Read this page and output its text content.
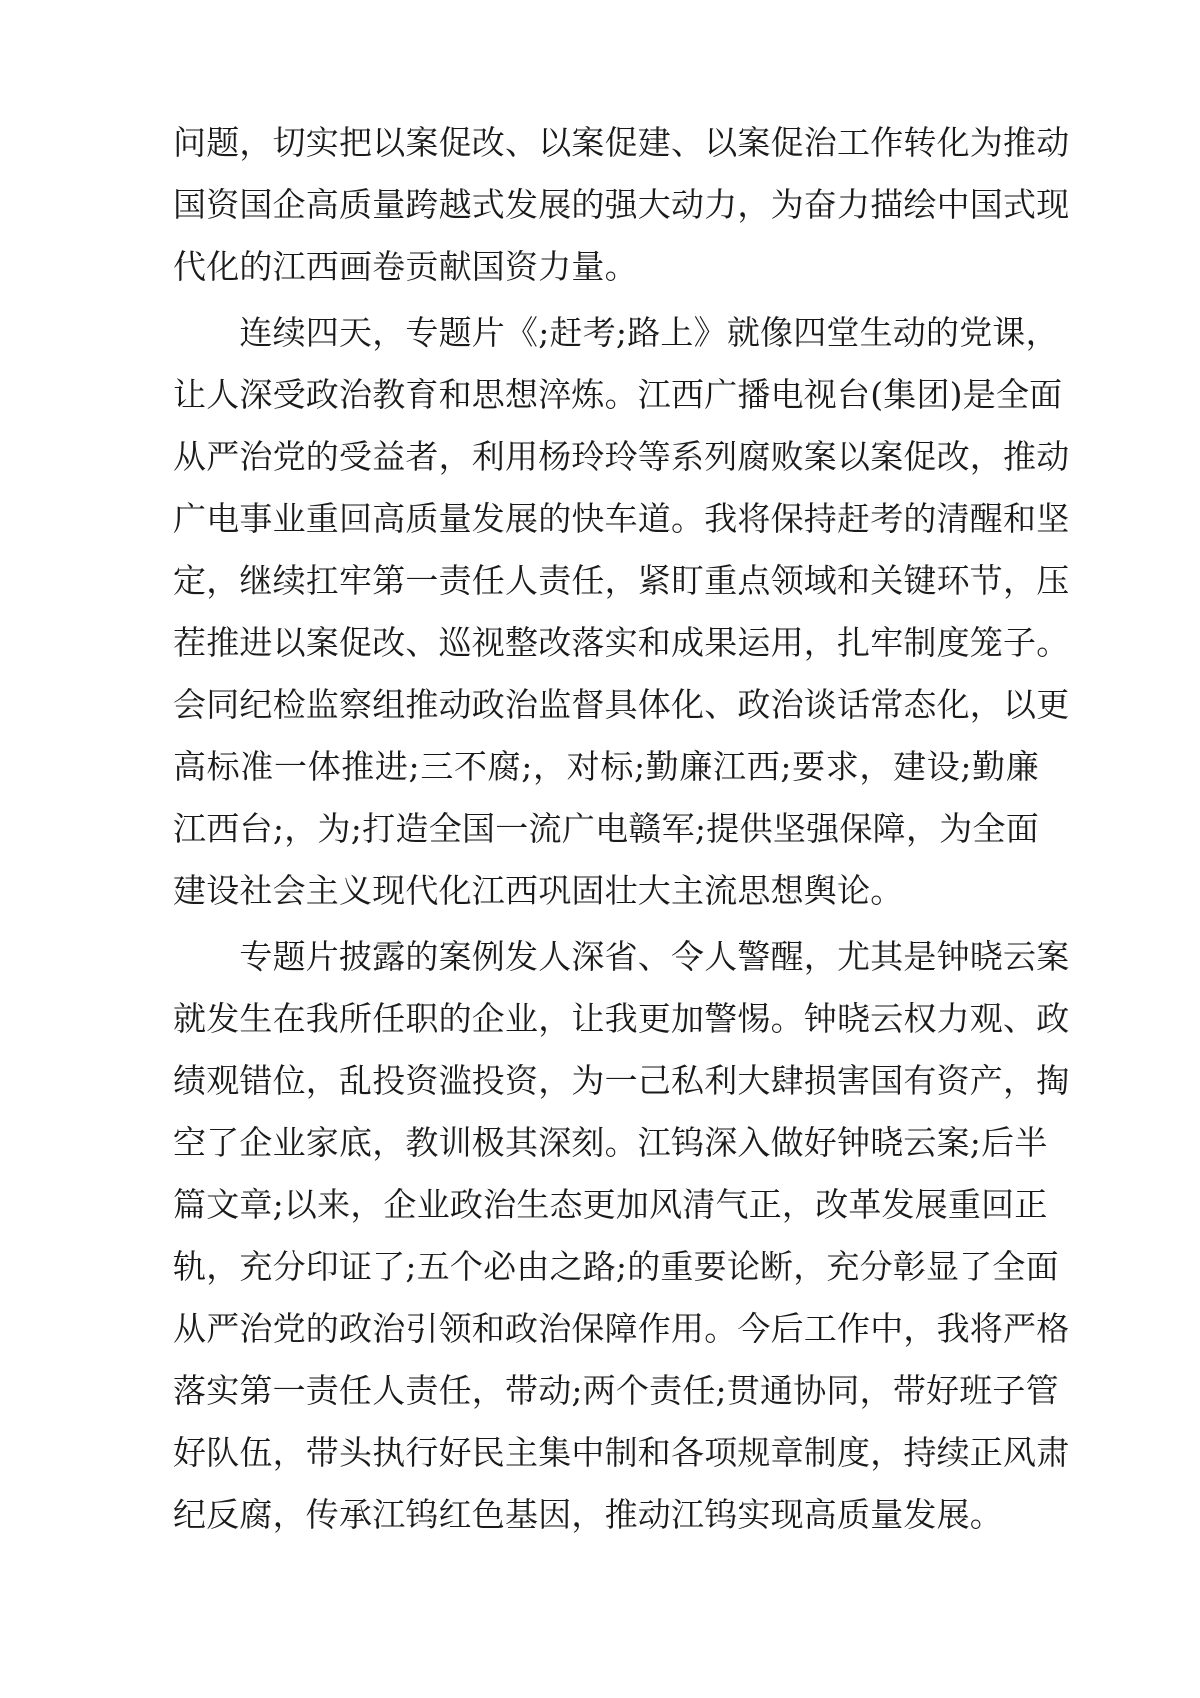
问题，切实把以案促改、以案促建、以案促治工作转化为推动
国资国企高质量跨越式发展的强大动力，为奋力描绘中国式现
代化的江西画卷贡献国资力量。
　　连续四天，专题片《;赶考;路上》就像四堂生动的党课，
让人深受政治教育和思想淬炼。江西广播电视台(集团)是全面
从严治党的受益者，利用杨玲玲等系列腐败案以案促改，推动
广电事业重回高质量发展的快车道。我将保持赶考的清醒和坚
定，继续扛牢第一责任人责任，紧盯重点领域和关键环节，压
茬推进以案促改、巡视整改落实和成果运用，扎牢制度笼子。
会同纪检监察组推动政治监督具体化、政治谈话常态化，以更
高标准一体推进;三不腐;，对标;勤廉江西;要求，建设;勤廉
江西台;，为;打造全国一流广电赣军;提供坚强保障，为全面
建设社会主义现代化江西巩固壮大主流思想舆论。
　　专题片披露的案例发人深省、令人警醒，尤其是钟晓云案
就发生在我所任职的企业，让我更加警惕。钟晓云权力观、政
绩观错位，乱投资滥投资，为一己私利大肆损害国有资产，掏
空了企业家底，教训极其深刻。江钨深入做好钟晓云案;后半
篇文章;以来，企业政治生态更加风清气正，改革发展重回正
轨，充分印证了;五个必由之路;的重要论断，充分彰显了全面
从严治党的政治引领和政治保障作用。今后工作中，我将严格
落实第一责任人责任，带动;两个责任;贯通协同，带好班子管
好队伍，带头执行好民主集中制和各项规章制度，持续正风肃
纪反腐，传承江钨红色基因，推动江钨实现高质量发展。
